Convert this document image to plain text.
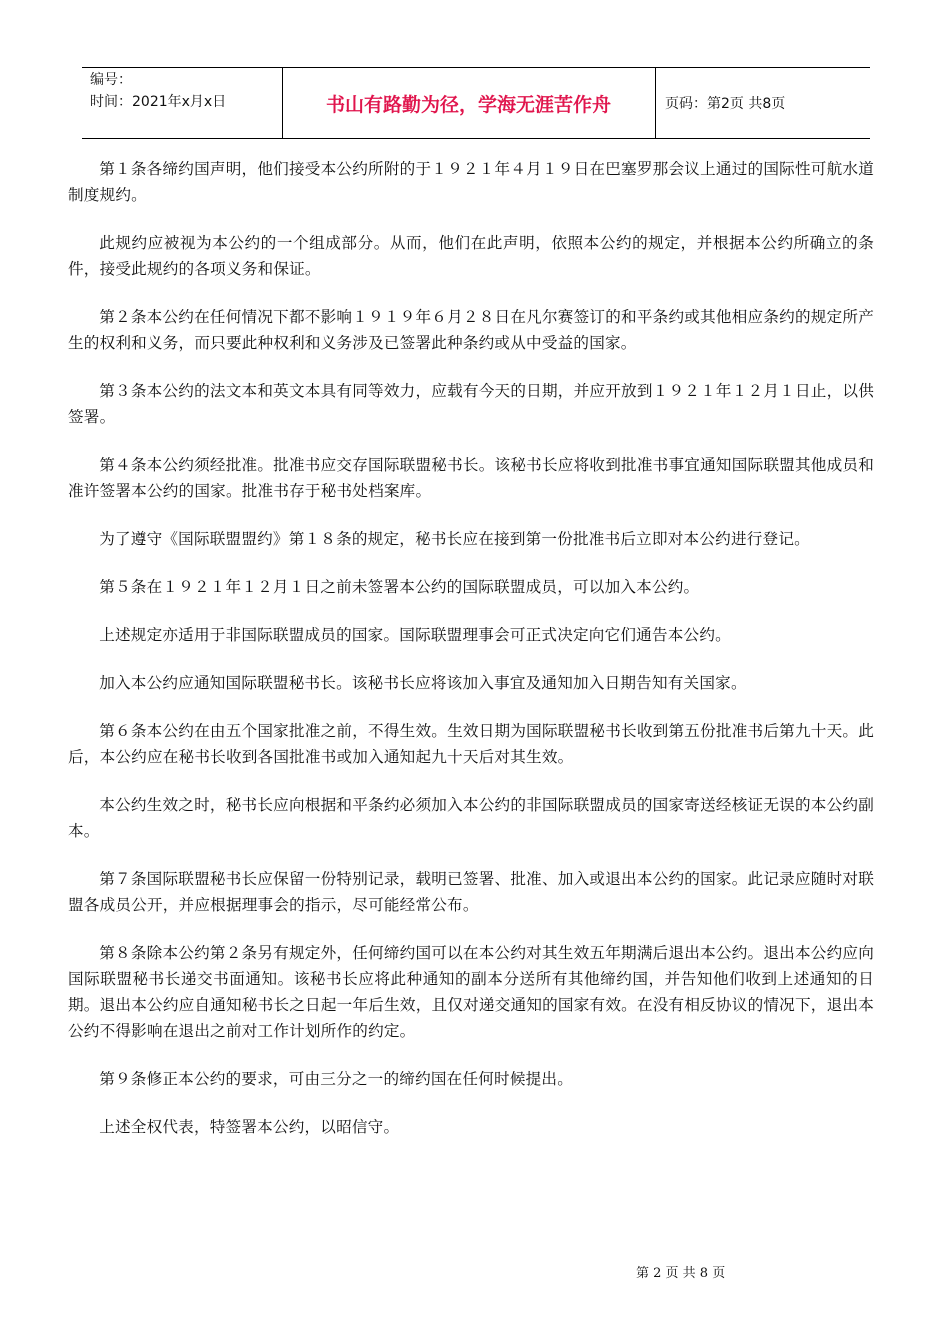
编号：
时间：2021年x月x日	书山有路勤为径，学海无涯苦作舟	页码：第2页 共8页

第１条各缔约国声明，他们接受本公约所附的于１９２１年４月１９日在巴塞罗那会议上通过的国际性可航水道制度规约。

此规约应被视为本公约的一个组成部分。从而，他们在此声明，依照本公约的规定，并根据本公约所确立的条件，接受此规约的各项义务和保证。

第２条本公约在任何情况下都不影响１９１９年６月２８日在凡尔赛签订的和平条约或其他相应条约的规定所产生的权利和义务，而只要此种权利和义务涉及已签署此种条约或从中受益的国家。

第３条本公约的法文本和英文本具有同等效力，应载有今天的日期，并应开放到１９２１年１２月１日止，以供签署。

第４条本公约须经批准。批准书应交存国际联盟秘书长。该秘书长应将收到批准书事宜通知国际联盟其他成员和准许签署本公约的国家。批准书存于秘书处档案库。

为了遵守《国际联盟盟约》第１８条的规定，秘书长应在接到第一份批准书后立即对本公约进行登记。

第５条在１９２１年１２月１日之前未签署本公约的国际联盟成员，可以加入本公约。

上述规定亦适用于非国际联盟成员的国家。国际联盟理事会可正式决定向它们通告本公约。

加入本公约应通知国际联盟秘书长。该秘书长应将该加入事宜及通知加入日期告知有关国家。

第６条本公约在由五个国家批准之前，不得生效。生效日期为国际联盟秘书长收到第五份批准书后第九十天。此后，本公约应在秘书长收到各国批准书或加入通知起九十天后对其生效。

本公约生效之时，秘书长应向根据和平条约必须加入本公约的非国际联盟成员的国家寄送经核证无误的本公约副本。

第７条国际联盟秘书长应保留一份特别记录，载明已签署、批准、加入或退出本公约的国家。此记录应随时对联盟各成员公开，并应根据理事会的指示，尽可能经常公布。

第８条除本公约第２条另有规定外，任何缔约国可以在本公约对其生效五年期满后退出本公约。退出本公约应向国际联盟秘书长递交书面通知。该秘书长应将此种通知的副本分送所有其他缔约国，并告知他们收到上述通知的日期。退出本公约应自通知秘书长之日起一年后生效，且仅对递交通知的国家有效。在没有相反协议的情况下，退出本公约不得影响在退出之前对工作计划所作的约定。

第９条修正本公约的要求，可由三分之一的缔约国在任何时候提出。

上述全权代表，特签署本公约，以昭信守。

第 2 页 共 8 页
